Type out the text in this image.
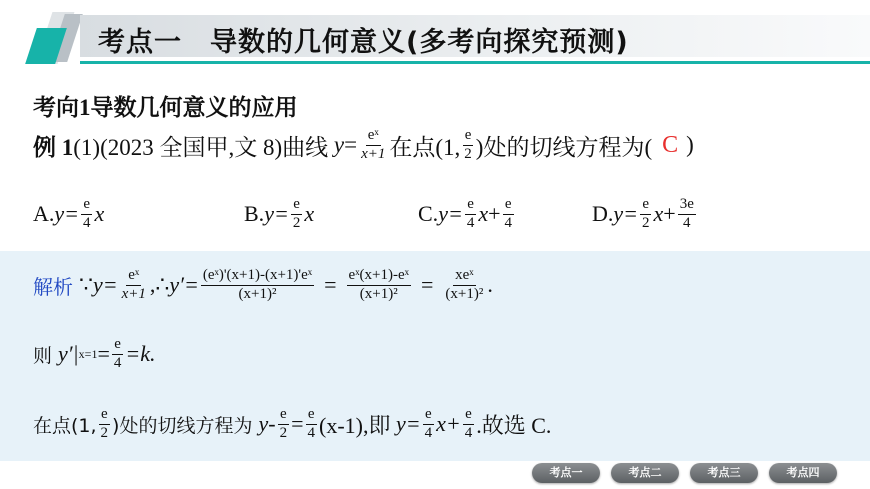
考点一　导数的几何意义(多考向探究预测)
考向1导数几何意义的应用
例 1 (1)(2023 全国甲,文 8)曲线 $y = \frac{\text{eˣ}}{x+1}$ 在点(1, $\frac{e}{2}$ )处的切线方程为( C )
A. $y= \frac{e}{4}$ x	B. $y= \frac{e}{2}$ x	C. $y= \frac{e}{4}$ $x + \frac{e}{4}$	D. $y= \frac{e}{2}$ $x + \frac{3e}{4}$
解析 ∵ $y= \frac{\text{eˣ}}{x+1}$ ,∴ $y'= \frac{\text{(eˣ)'(x+1)-(x+1)'eˣ}}{\text{(x+1)²}} = \frac{\text{eˣ(x+1)-eˣ}}{\text{(x+1)²}}$ = xeˣ
(x+1)² .
则 y′| $x=1 = \frac{e}{4} =k$.
在点(1, $\frac{e}{2}$ )处的切线方程为 $y- \frac{e}{2} = \frac{e}{4} (x-1)$,即 $y= \frac{e}{4} x+ \frac{e}{4}$ .故选 C.
考点一	考点二	考点三	考点四
